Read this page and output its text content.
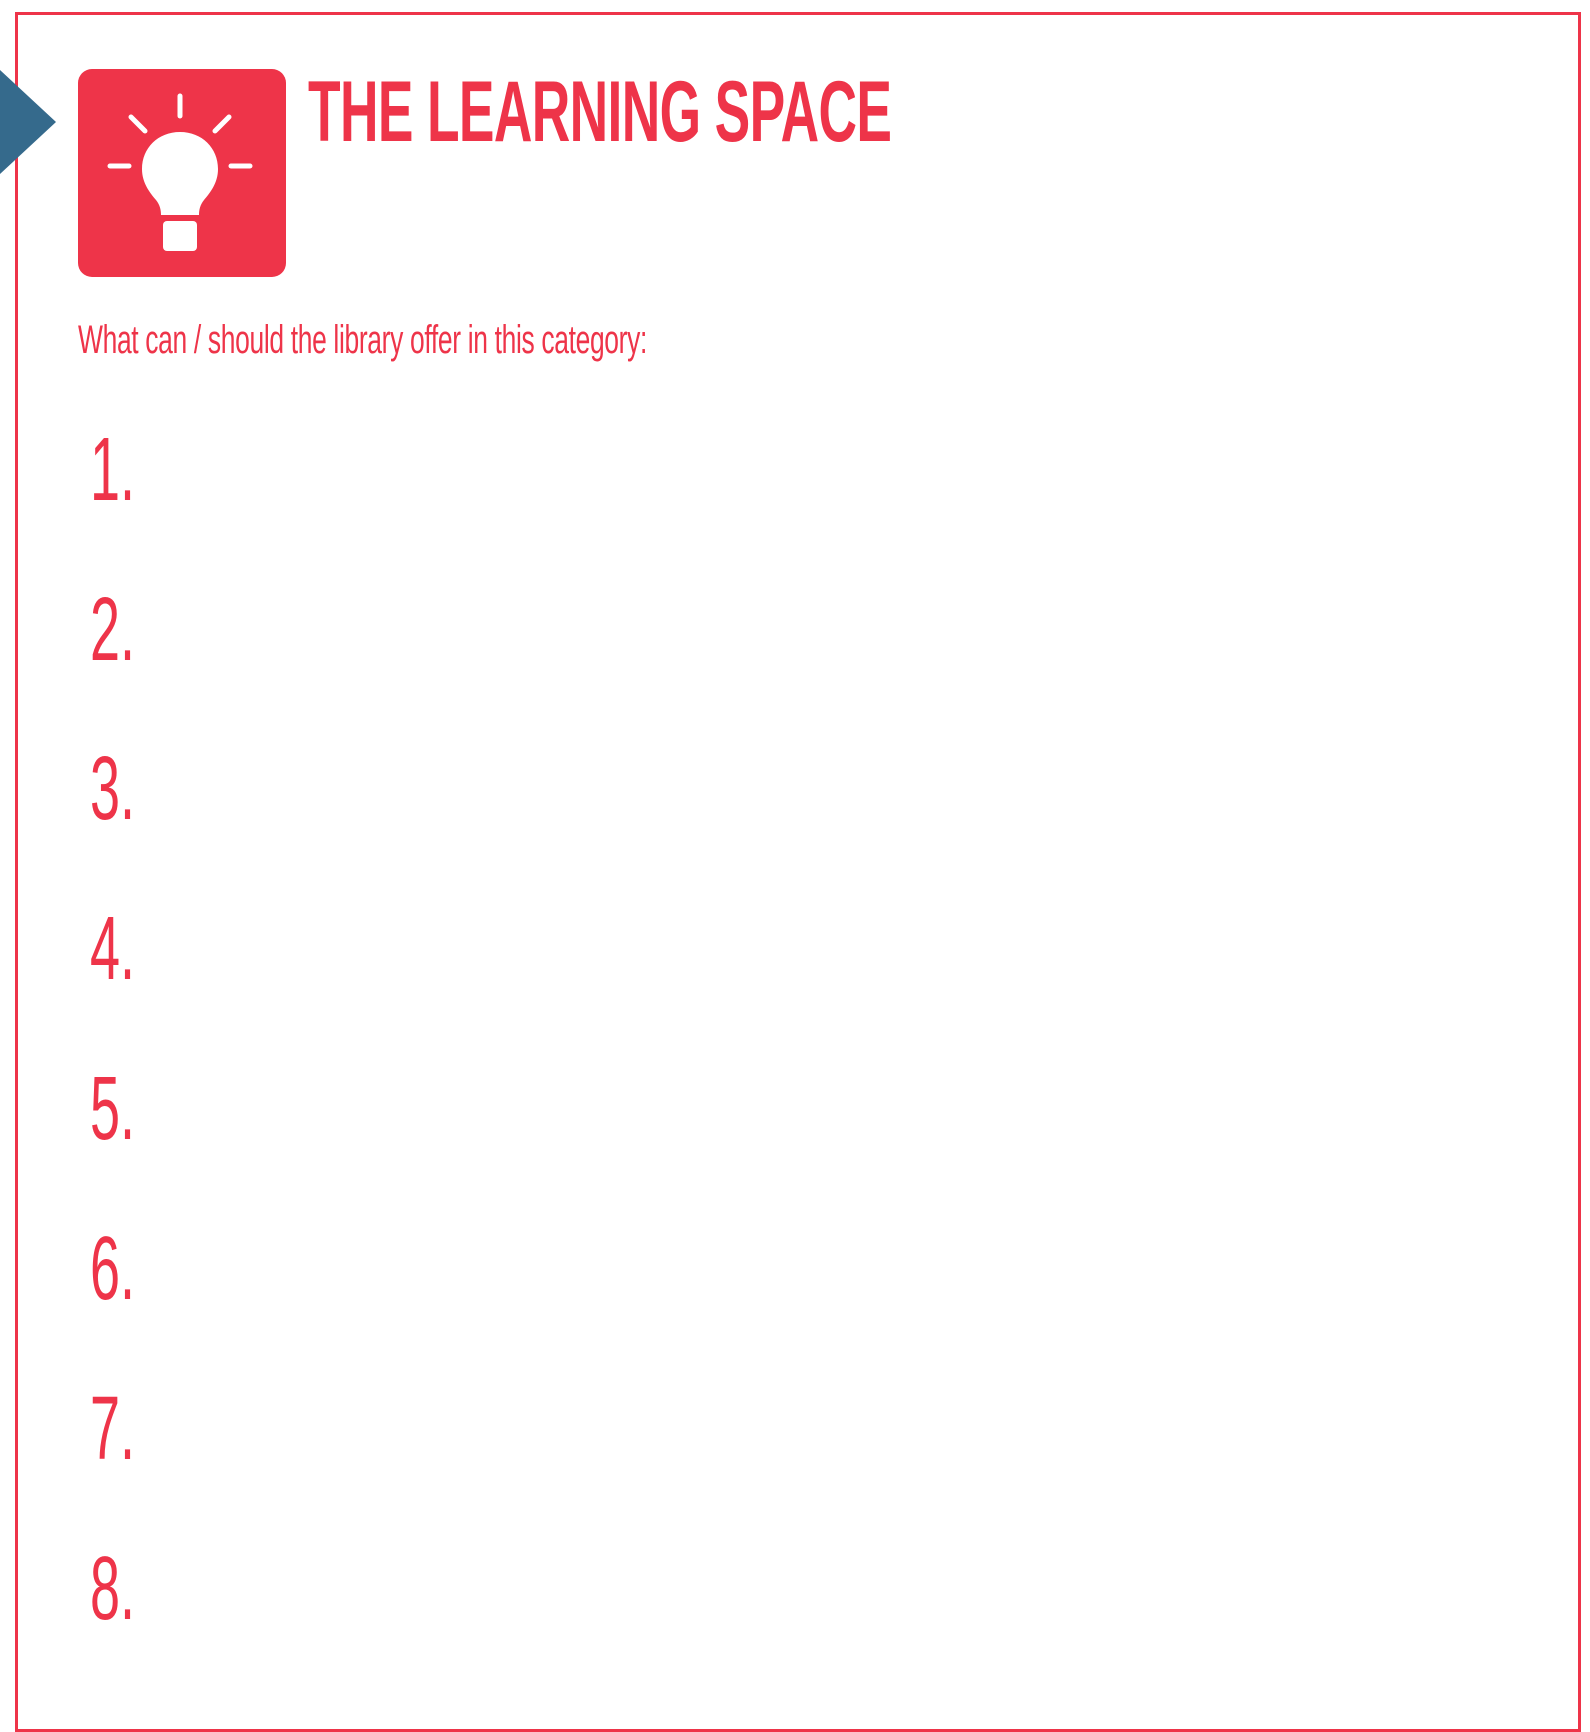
THE LEARNING SPACE
What can / should the library offer in this category:
1.
2.
3.
4.
5.
6.
7.
8.
